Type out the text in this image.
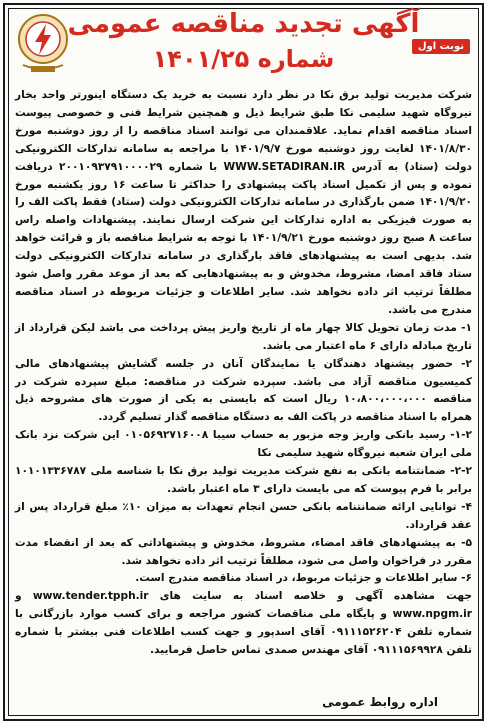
نوبت اول
آگهی تجدید مناقصه عمومی
شماره ۱۴۰۱/۲۵

شرکت مدیریت تولید برق نکا در نظر دارد نسبت به خرید یک دستگاه اینورتر واحد بخار نیروگاه شهید سلیمی نکا طبق شرایط ذیل و همچنین شرایط فنی و خصوصی پیوست اسناد مناقصه اقدام نماید. علاقمندان می توانند اسناد مناقصه را از روز دوشنبه مورخ ۱۴۰۱/۸/۳۰ لغایت روز دوشنبه مورخ ۱۴۰۱/۹/۷ با مراجعه به سامانه تدارکات الکترونیکی دولت (ستاد) به آدرس WWW.SETADIRAN.IR با شماره ۲۰۰۱۰۹۳۷۹۱۰۰۰۰۲۹ دریافت نموده و پس از تکمیل اسناد پاکت پیشنهادی را حداکثر تا ساعت ۱۶ روز یکشنبه مورخ ۱۴۰۱/۹/۲۰ ضمن بارگذاری در سامانه تدارکات الکترونیکی دولت (ستاد) فقط پاکت الف را به صورت فیزیکی به اداره تدارکات این شرکت ارسال نمایند. پیشنهادات واصله راس ساعت ۸ صبح روز دوشنبه مورخ ۱۴۰۱/۹/۲۱ با توجه به شرایط مناقصه باز و قرائت خواهد شد. بدیهی است به پیشنهادهای فاقد بارگذاری در سامانه تدارکات الکترونیکی دولت ستاد فاقد امضا، مشروط، مخدوش و به پیشنهادهایی که بعد از موعد مقرر واصل شود مطلقاً ترتیب اثر داده نخواهد شد. سایر اطلاعات و جزئیات مربوطه در اسناد مناقصه مندرج می باشد.

۱- مدت زمان تحویل کالا چهار ماه از تاریخ واریز پیش پرداخت می باشد لیکن قرارداد از تاریخ مبادله دارای ۶ ماه اعتبار می باشد.

۲- حضور پیشنهاد دهندگان یا نمایندگان آنان در جلسه گشایش پیشنهادهای مالی کمیسیون مناقصه آزاد می باشد. سپرده شرکت در مناقصه: مبلغ سپرده شرکت در مناقصه ۱۰،۸۰۰،۰۰۰،۰۰۰ ریال است که بایستی به یکی از صورت های مشروحه ذیل همراه با اسناد مناقصه در پاکت الف به دستگاه مناقصه گذار تسلیم گردد.

۱-۲- رسید بانکی واریز وجه مزبور به حساب سیبا ۰۱۰۵۶۹۲۷۱۶۰۰۸ این شرکت نزد بانک ملی ایران شعبه نیروگاه شهید سلیمی نکا

۲-۲- ضمانتنامه بانکی به نفع شرکت مدیریت تولید برق نکا با شناسه ملی ۱۰۱۰۱۳۳۶۷۸۷ برابر با فرم پیوست که می بایست دارای ۳ ماه اعتبار باشد.

۴- توانایی ارائه ضمانتنامه بانکی حسن انجام تعهدات به میزان ۱۰٪ مبلغ قرارداد پس از عقد قرارداد.

۵- به پیشنهادهای فاقد امضاء، مشروط، مخدوش و پیشنهاداتی که بعد از انقضاء مدت مقرر در فراخوان واصل می شود، مطلقاً ترتیب اثر داده نخواهد شد.

۶- سایر اطلاعات و جزئیات مربوط، در اسناد مناقصه مندرج است.

جهت مشاهده آگهی و خلاصه اسناد به سایت های www.tender.tpph.ir و www.npgm.ir و پایگاه ملی مناقصات کشور مراجعه و برای کسب موارد بازرگانی با شماره تلفن ۰۹۱۱۱۵۲۶۲۰۴ آقای اسدپور و جهت کسب اطلاعات فنی بیشتر با شماره تلفن ۰۹۱۱۱۵۶۹۹۲۸ آقای مهندس صمدی تماس حاصل فرمایید.

اداره روابط عمومی
